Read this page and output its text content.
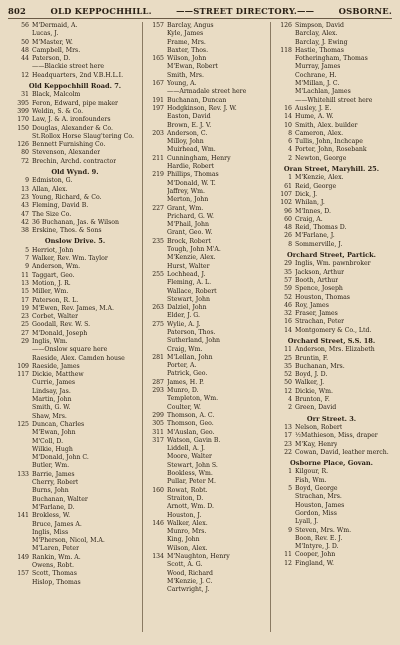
802	OLD KEPPOCHHILL.	——STREET DIRECTORY.——	OSBORNE.
56 M'Dermaid, A.
Lucas, J.
50 M'Master, W.
48 Campbell, Mrs.
44 Paterson, D.
——Blackie street here
12 Headquarters, 2nd V.B.H.L.I.
Old Keppochhill Road. 7.
31 Black, Malcolm
395 Feron, Edward, pipe maker
399 Weldin, S. & Co.
170 Law, J. & A. ironfounders
150 Douglas, Alexander & Co.
St.Rollox Horse Slaug'tering Co.
126 Bennett Furnishing Co.
80 Stevenson, Alexander
72 Brechin, Archd. contractor
Old Wynd. 9.
9 Edmiston, G.
13 Allan, Alex.
23 Young, Richard, & Co.
43 Fleming, David B.
47 The Size Co.
42 36 Buchanan, Jas. & Wilson
38 Erskine, Thos. & Sons
Onslow Drive. 5.
5 Herriot, John
7 Walker, Rev. Wm. Taylor
9 Anderson, Wm.
11 Taggart, Geo.
13 Motion, J. R.
15 Miller, Wm.
17 Paterson, R. L.
19 M'Ewen, Rev. James, M.A.
23 Corbet, Walter
25 Goodall, Rev. W. S.
27 M'Donald, Joseph
29 Inglis, Wm.
——Onslow square here
Raeside, Alex. Camden house
109 Raeside, James
117 Dickie, Matthew
Currie, James
Lindsay, Jas.
Martin, John
Smith, G. W.
Shaw, Mrs.
125 Duncan, Charles
M'Ewan, John
M'Coll, D.
Wilkie, Hugh
M'Donald, John C.
Butler, Wm.
133 Barrie, James
Cherry, Robert
Burns, John
Buchanan, Walter
M'Farlane, D.
141 Brokless, W.
Bruce, James A.
Inglis, Miss
M'Pherson, Nicol, M.A.
M'Laren, Peter
149 Rankin, Wm. A.
Owens, Robt.
157 Scott, Thomas
Hislop, Thomas
157 Barclay, Angus
Kyle, James
Frame, Mrs.
Baxter, Thos.
165 Wilson, John
M'Ewan, Robert
Smith, Mrs.
167 Young, A.
——Armadale street here
191 Buchanan, Duncan
197 Hodgkinson, Rev. J. W.
Easton, David
Brown, E. J. V.
203 Anderson, C.
Milloy, John
Muirhead, Wm.
211 Cunningham, Henry
Hardie, Robert
219 Phillips, Thomas
M'Donald, W. T.
Jaffrey, Wm.
Merton, John
227 Grant, Wm.
Prichard, G. W.
M'Phail, John
Grant, Geo. W.
235 Brock, Robert
Tough, John M'A.
M'Kenzie, Alex.
Hurst, Walter
255 Lochhead, J.
Fleming, A. L.
Wallace, Robert
Stewart, John
263 Dalziel, John
Elder, J. G.
275 Wylie, A. J.
Paterson, Thos.
Sutherland, John
Craig, Wm.
281 M'Lellan, John
Porter, A.
Patrick, Geo.
287 James, H. P.
293 Munro, D.
Templeton, Wm.
Coulter, W.
299 Thomson, A. C.
305 Thomson, Geo.
311 M'Auslan, Geo.
317 Watson, Gavin B.
Liddell, A. J.
Moore, Walter
Stewart, John S.
Bookless, Wm.
Pullar, Peter M.
160 Rowat, Robt.
Straiton, D.
Arnott, Wm. D.
Houston, J.
146 Walker, Alex.
Munro, Mrs.
King, John
Wilson, Alex.
134 M'Naughton, Henry
Scott, A. G.
Wood, Richard
M'Kenzie, J. C.
Cartwright, J.
126 Simpson, David
Barclay, Alex.
Barclay, J. Ewing
118 Hastie, Thomas
Fotheringham, Thomas
Murray, James
Cochrane, H.
M'Millan, J. C.
M'Lachlan, James
——Whitehill street here
16 Ausley, J. E.
14 Hume, A. W.
10 Smith, Alex. builder
8 Cameron, Alex.
6 Tullis, John, Inchcape
4 Porter, John, Rosebank
2 Newton, George
Oran Street, Maryhill. 25.
1 M'Kenzie, Alex.
61 Reid, George
107 Dick, J.
102 Whilan, J.
96 M'Innes, D.
60 Craig, A.
48 Reid, Thomas D.
26 M'Farlane, J.
8 Sommerville, J.
Orchard Street, Partick.
29 Inglis, Wm. pawnbroker
35 Jackson, Arthur
57 Booth, Arthur
59 Spence, Joseph
52 Houston, Thomas
46 Roy, James
32 Fraser, James
16 Strachan, Peter
14 Montgomery & Co., Ltd.
Orchard Street, S.S. 18.
11 Anderson, Mrs. Elizabeth
25 Bruntin, F.
35 Buchanan, Mrs.
52 Boyd, J. D.
50 Walker, J.
12 Dickie, Wm.
4 Brunton, F.
2 Green, David
Orr Street. 3.
13 Nelson, Robert
17 ½Mathieson, Miss, draper
23 M'Kay, Henry
22 Cowan, David, leather merch.
Osborne Place, Govan.
1 Kilgour, R.
Fish, Wm.
5 Boyd, George
Strachan, Mrs.
Houston, James
Gordon, Miss
Lyall, J.
9 Steven, Mrs. Wm.
Boon, Rev. E. J.
M'Intyre, J. D.
11 Cooper, John
12 Fingland, W.
